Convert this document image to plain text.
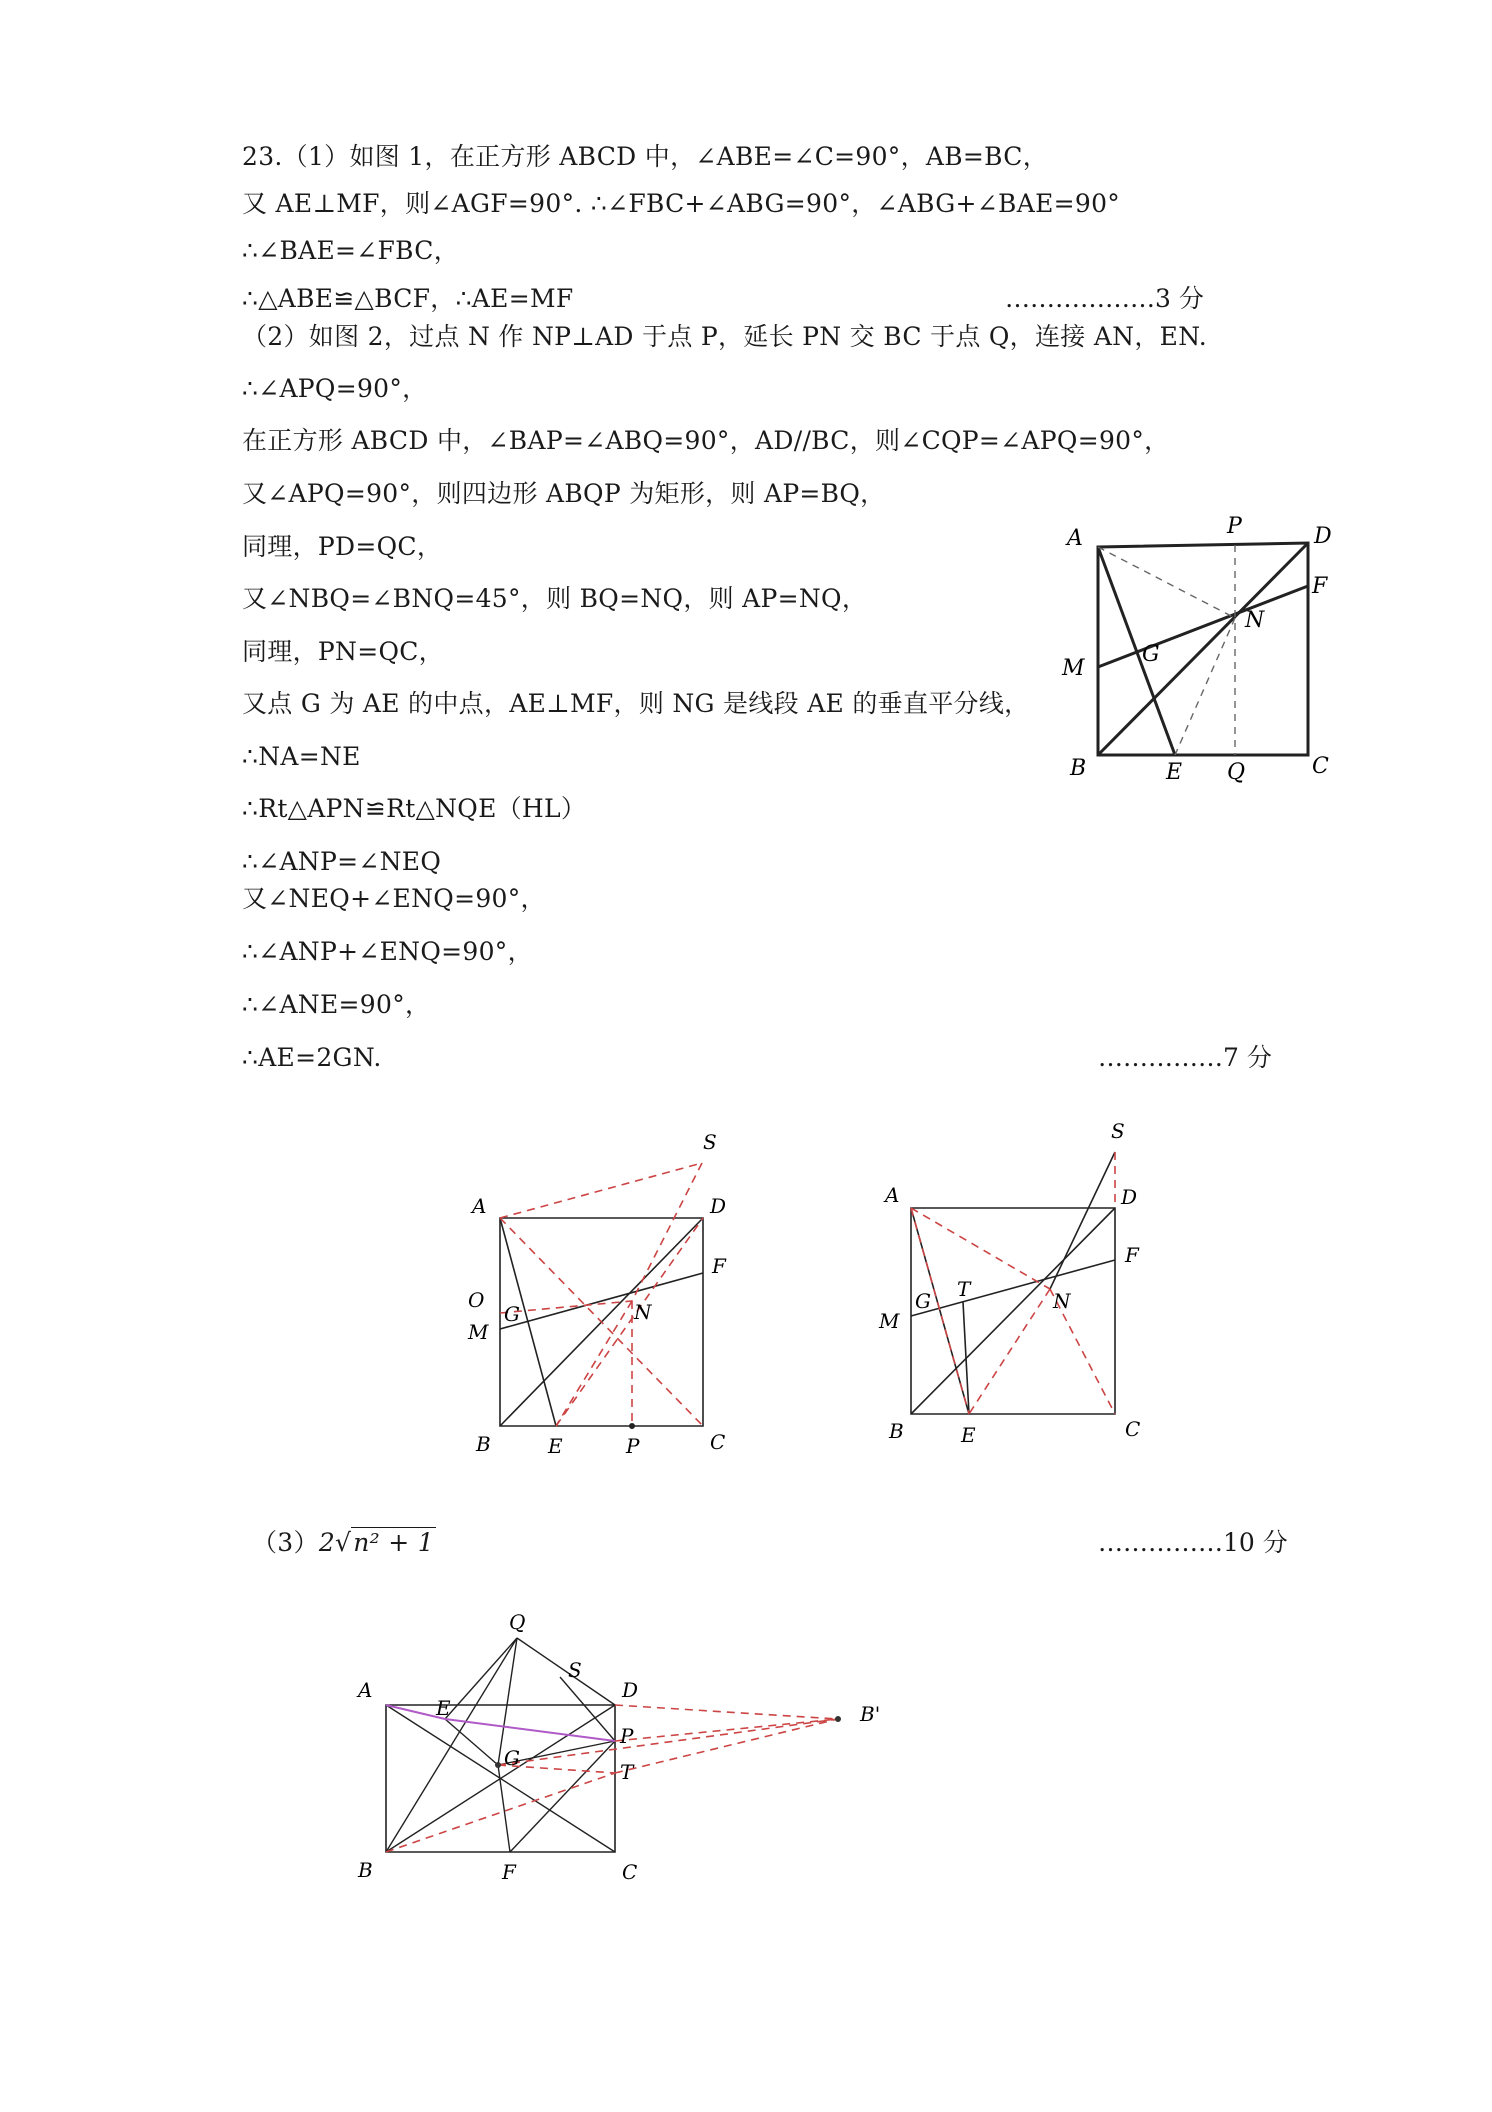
23.（1）如图 1，在正方形 ABCD 中，∠ABE=∠C=90°，AB=BC，
又 AE⊥MF，则∠AGF=90°. ∴∠FBC+∠ABG=90°，∠ABG+∠BAE=90°
∴∠BAE=∠FBC，
∴△ABE≌△BCF，∴AE=MF
（2）如图 2，过点 N 作 NP⊥AD 于点 P，延长 PN 交 BC 于点 Q，连接 AN，EN.
∴∠APQ=90°，
在正方形 ABCD 中，∠BAP=∠ABQ=90°，AD//BC，则∠CQP=∠APQ=90°，
又∠APQ=90°，则四边形 ABQP 为矩形，则 AP=BQ，
同理，PD=QC，
又∠NBQ=∠BNQ=45°，则 BQ=NQ，则 AP=NQ，
同理，PN=QC，
又点 G 为 AE 的中点，AE⊥MF，则 NG 是线段 AE 的垂直平分线，
∴NA=NE
∴Rt△APN≌Rt△NQE（HL）
∴∠ANP=∠NEQ
又∠NEQ+∠ENQ=90°，
∴∠ANP+∠ENQ=90°，
∴∠ANE=90°，
∴AE=2GN.
………………3 分
……………7 分
……………10 分
（3）2√n² + 1
A	P	D
F
N
M
G
B	E Q	C
S
A	D
F
O
G	N
M
B	E	P	C
S
A	D
F
G T	N
M
B	E	C
Q
S
A	D
B'
E
P
G
T
B	F	C
